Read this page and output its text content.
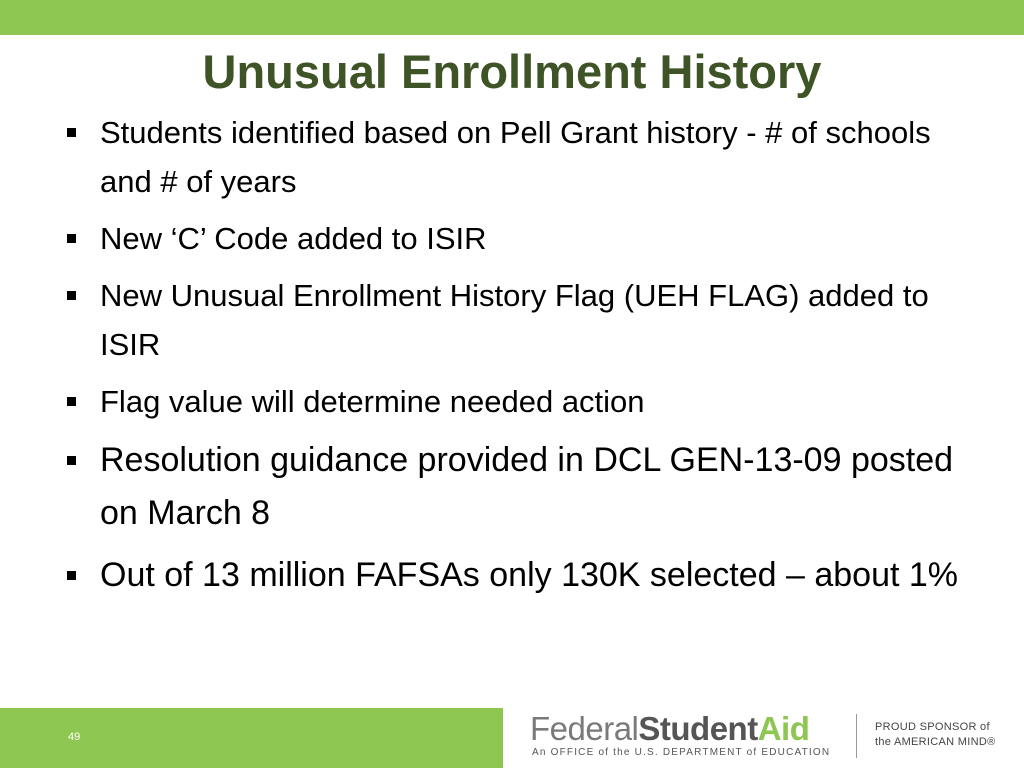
Unusual Enrollment History
Students identified based on Pell Grant history - # of schools and # of years
New ‘C’ Code added to ISIR
New Unusual Enrollment History Flag (UEH FLAG) added to ISIR
Flag value will determine needed action
Resolution guidance provided in DCL GEN-13-09 posted on March 8
Out of 13 million FAFSAs only 130K selected – about 1%
49	FederalStudentAid
An OFFICE of the U.S. DEPARTMENT of EDUCATION
PROUD SPONSOR of
the AMERICAN MIND®
